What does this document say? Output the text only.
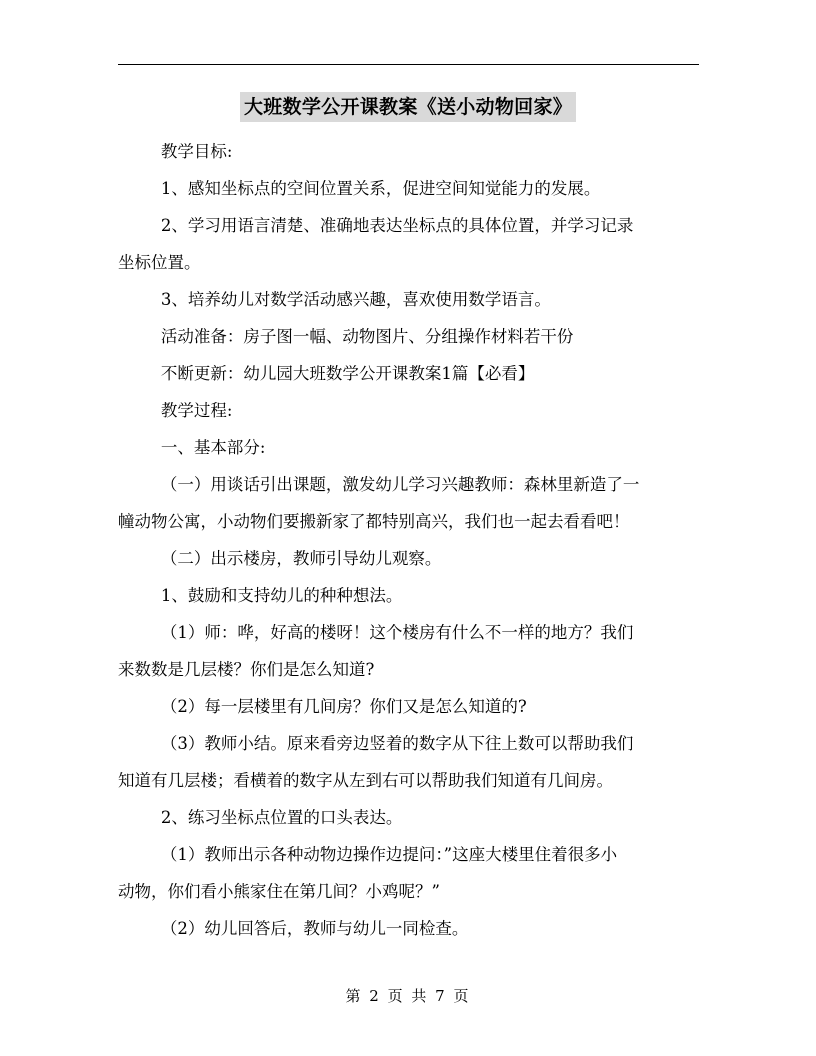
大班数学公开课教案《送小动物回家》

教学目标:

1、感知坐标点的空间位置关系，促进空间知觉能力的发展。

2、学习用语言清楚、准确地表达坐标点的具体位置，并学习记录

坐标位置。

3、培养幼儿对数学活动感兴趣，喜欢使用数学语言。

活动准备：房子图一幅、动物图片、分组操作材料若干份

不断更新：幼儿园大班数学公开课教案1篇【必看】

教学过程:

一、基本部分:

（一）用谈话引出课题，激发幼儿学习兴趣教师：森林里新造了一

幢动物公寓，小动物们要搬新家了都特别高兴，我们也一起去看看吧！

（二）出示楼房，教师引导幼儿观察。

1、鼓励和支持幼儿的种种想法。

（1）师：哗，好高的楼呀！这个楼房有什么不一样的地方？我们

来数数是几层楼？你们是怎么知道?

（2）每一层楼里有几间房？你们又是怎么知道的?

（3）教师小结。原来看旁边竖着的数字从下往上数可以帮助我们

知道有几层楼；看横着的数字从左到右可以帮助我们知道有几间房。

2、练习坐标点位置的口头表达。

（1）教师出示各种动物边操作边提问：”这座大楼里住着很多小

动物，你们看小熊家住在第几间？小鸡呢？”

（2）幼儿回答后，教师与幼儿一同检查。

第 2 页 共 7 页
